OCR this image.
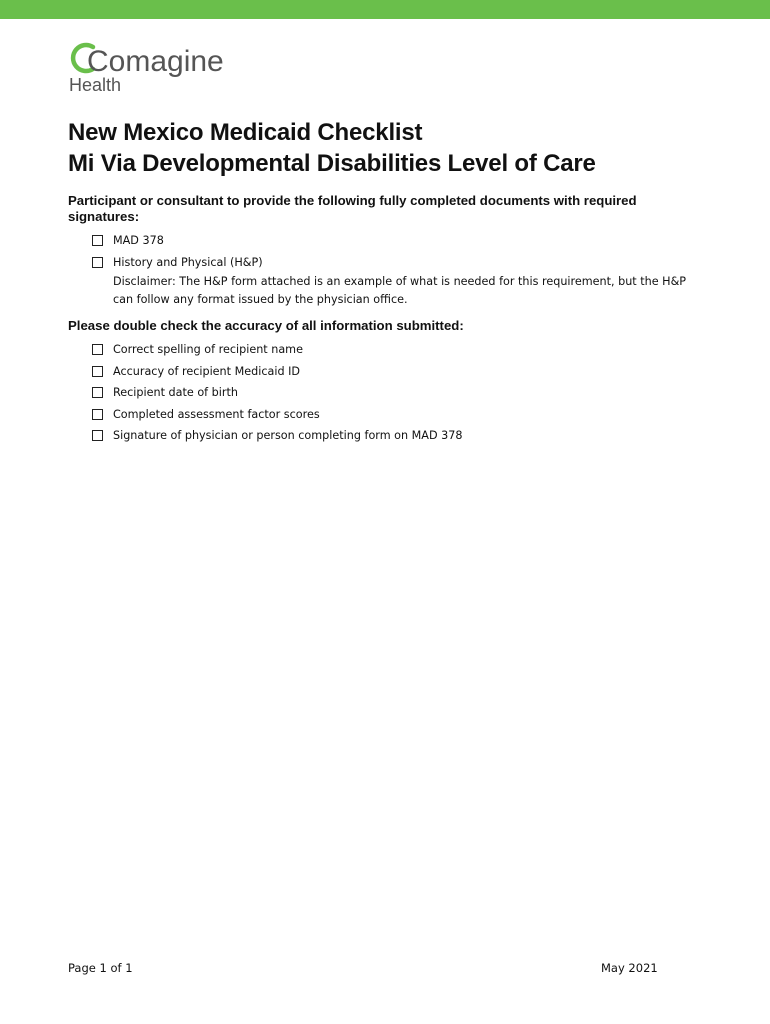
Comagine
Health
New Mexico Medicaid Checklist
Mi Via Developmental Disabilities Level of Care
Participant or consultant to provide the following fully completed documents with required signatures:
MAD 378
History and Physical (H&P)
Disclaimer: The H&P form attached is an example of what is needed for this requirement, but the H&P
can follow any format issued by the physician office.
Please double check the accuracy of all information submitted:
Correct spelling of recipient name
Accuracy of recipient Medicaid ID
Recipient date of birth
Completed assessment factor scores
Signature of physician or person completing form on MAD 378
Page 1 of 1	May 2021
